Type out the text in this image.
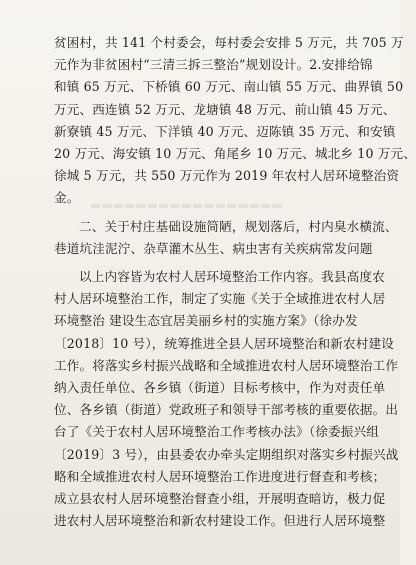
▬▬▬▬▬▬▬▬▬▬▬▬▬▬▬▬▬

贫困村，共 141 个村委会，每村委会安排 5 万元，共 705 万
元作为非贫困村“三清三拆三整治”规划设计。2.安排给锦
和镇 65 万元、下桥镇 60 万元、南山镇 55 万元、曲界镇 50
万元、西连镇 52 万元、龙塘镇 48 万元、前山镇 45 万元、
新寮镇 45 万元、下洋镇 40 万元、迈陈镇 35 万元、和安镇
20 万元、海安镇 10 万元、角尾乡 10 万元、城北乡 10 万元、
徐城 5 万元，共 550 万元作为 2019 年农村人居环境整治资
金。

二、关于村庄基础设施简陋，规划落后，村内臭水横流、
巷道坑洼泥泞、杂草灌木丛生、病虫害有关疾病常发问题

以上内容皆为农村人居环境整治工作内容。我县高度农
村人居环境整治工作，制定了实施《关于全域推进农村人居
环境整治 建设生态宜居美丽乡村的实施方案》（徐办发
〔2018〕10 号），统筹推进全县人居环境整治和新农村建设
工作。将落实乡村振兴战略和全域推进农村人居环境整治工作
纳入责任单位、各乡镇（街道）目标考核中，作为对责任单
位、各乡镇（街道）党政班子和领导干部考核的重要依据。出
台了《关于农村人居环境整治工作考核办法》（徐委振兴组
〔2019〕3 号），由县委农办牵头定期组织对落实乡村振兴战
略和全域推进农村人居环境整治工作进度进行督查和考核；
成立县农村人居环境整治督查小组，开展明查暗访，极力促
进农村人居环境整治和新农村建设工作。但进行人居环境整
